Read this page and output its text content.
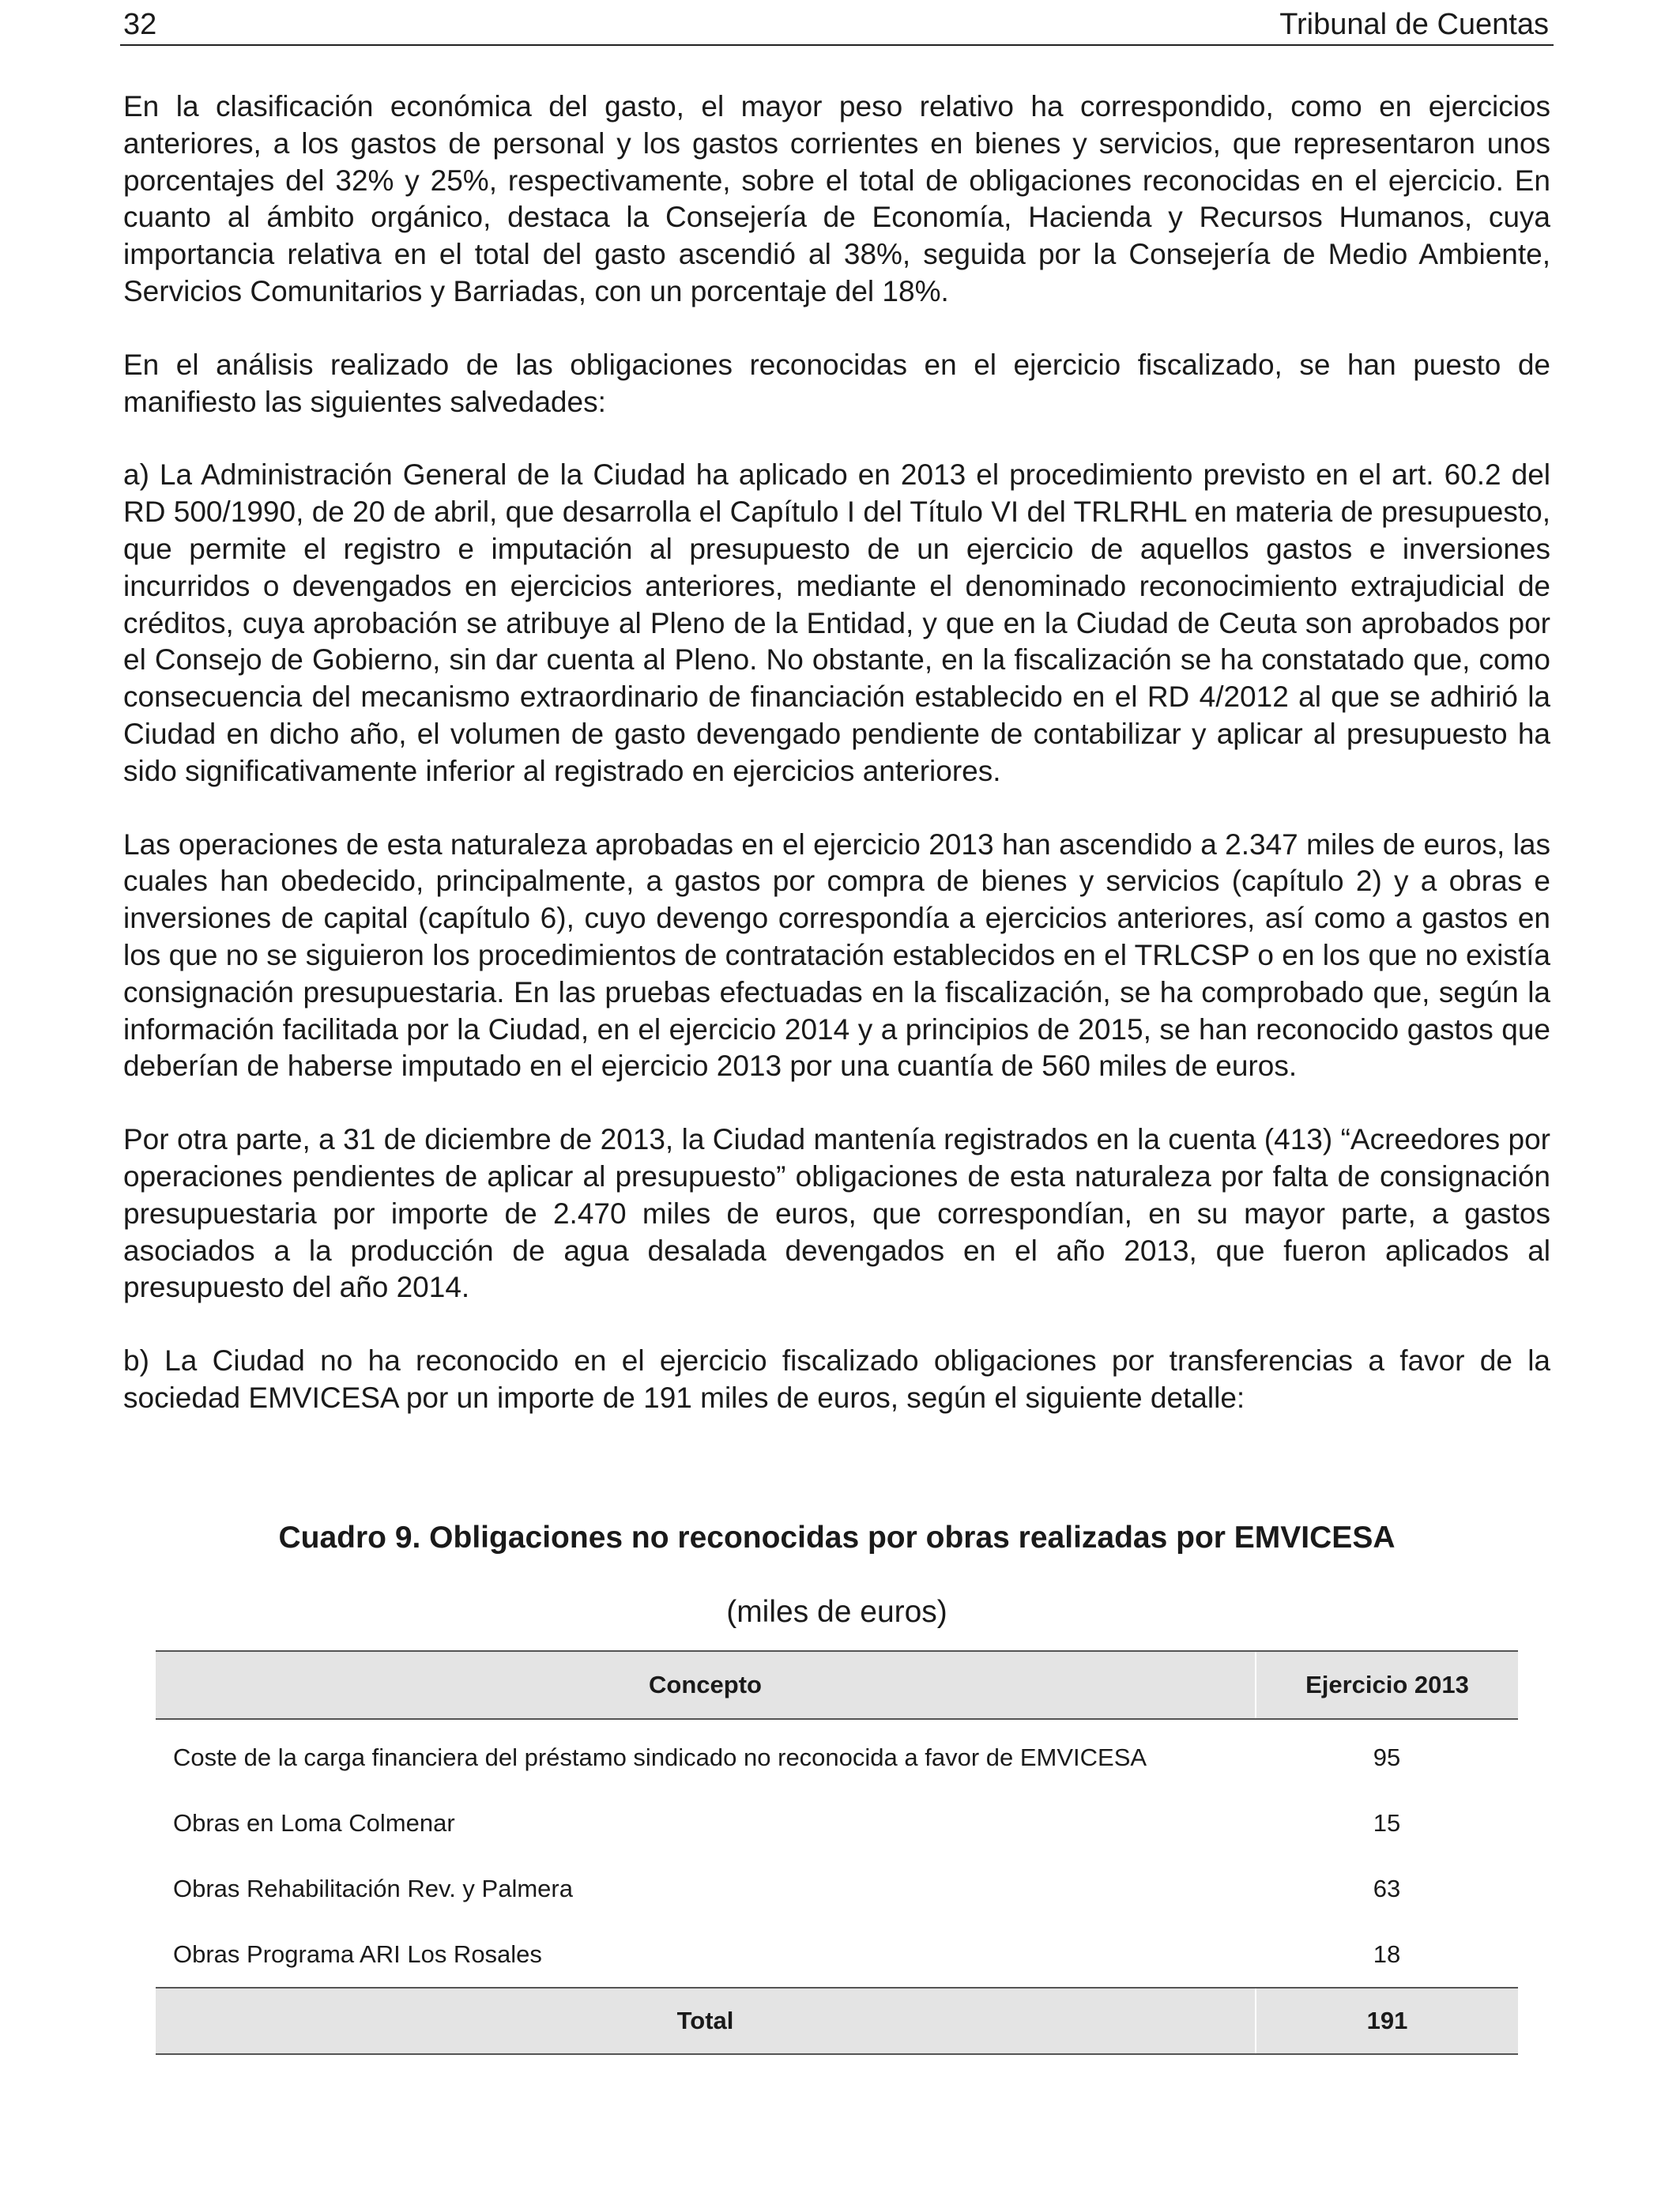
32	Tribunal de Cuentas

En la clasificación económica del gasto, el mayor peso relativo ha correspondido, como en ejercicios anteriores, a los gastos de personal y los gastos corrientes en bienes y servicios, que representaron unos porcentajes del 32% y 25%, respectivamente, sobre el total de obligaciones reconocidas en el ejercicio. En cuanto al ámbito orgánico, destaca la Consejería de Economía, Hacienda y Recursos Humanos, cuya importancia relativa en el total del gasto ascendió al 38%, seguida por la Consejería de Medio Ambiente, Servicios Comunitarios y Barriadas, con un porcentaje del 18%.

En el análisis realizado de las obligaciones reconocidas en el ejercicio fiscalizado, se han puesto de manifiesto las siguientes salvedades:

a) La Administración General de la Ciudad ha aplicado en 2013 el procedimiento previsto en el art. 60.2 del RD 500/1990, de 20 de abril, que desarrolla el Capítulo I del Título VI del TRLRHL en materia de presupuesto, que permite el registro e imputación al presupuesto de un ejercicio de aquellos gastos e inversiones incurridos o devengados en ejercicios anteriores, mediante el denominado reconocimiento extrajudicial de créditos, cuya aprobación se atribuye al Pleno de la Entidad, y que en la Ciudad de Ceuta son aprobados por el Consejo de Gobierno, sin dar cuenta al Pleno. No obstante, en la fiscalización se ha constatado que, como consecuencia del mecanismo extraordinario de financiación establecido en el RD 4/2012 al que se adhirió la Ciudad en dicho año, el volumen de gasto devengado pendiente de contabilizar y aplicar al presupuesto ha sido significativamente inferior al registrado en ejercicios anteriores.

Las operaciones de esta naturaleza aprobadas en el ejercicio 2013 han ascendido a 2.347 miles de euros, las cuales han obedecido, principalmente, a gastos por compra de bienes y servicios (capítulo 2) y a obras e inversiones de capital (capítulo 6), cuyo devengo correspondía a ejercicios anteriores, así como a gastos en los que no se siguieron los procedimientos de contratación establecidos en el TRLCSP o en los que no existía consignación presupuestaria. En las pruebas efectuadas en la fiscalización, se ha comprobado que, según la información facilitada por la Ciudad, en el ejercicio 2014 y a principios de 2015, se han reconocido gastos que deberían de haberse imputado en el ejercicio 2013 por una cuantía de 560 miles de euros.

Por otra parte, a 31 de diciembre de 2013, la Ciudad mantenía registrados en la cuenta (413) “Acreedores por operaciones pendientes de aplicar al presupuesto” obligaciones de esta naturaleza por falta de consignación presupuestaria por importe de 2.470 miles de euros, que correspondían, en su mayor parte, a gastos asociados a la producción de agua desalada devengados en el año 2013, que fueron aplicados al presupuesto del año 2014.

b) La Ciudad no ha reconocido en el ejercicio fiscalizado obligaciones por transferencias a favor de la sociedad EMVICESA por un importe de 191 miles de euros, según el siguiente detalle:

Cuadro 9. Obligaciones no reconocidas por obras realizadas por EMVICESA
(miles de euros)
Concepto	Ejercicio 2013
Coste de la carga financiera del préstamo sindicado no reconocida a favor de EMVICESA	95
Obras en Loma Colmenar	15
Obras Rehabilitación Rev. y Palmera	63
Obras Programa ARI Los Rosales	18
Total	191
